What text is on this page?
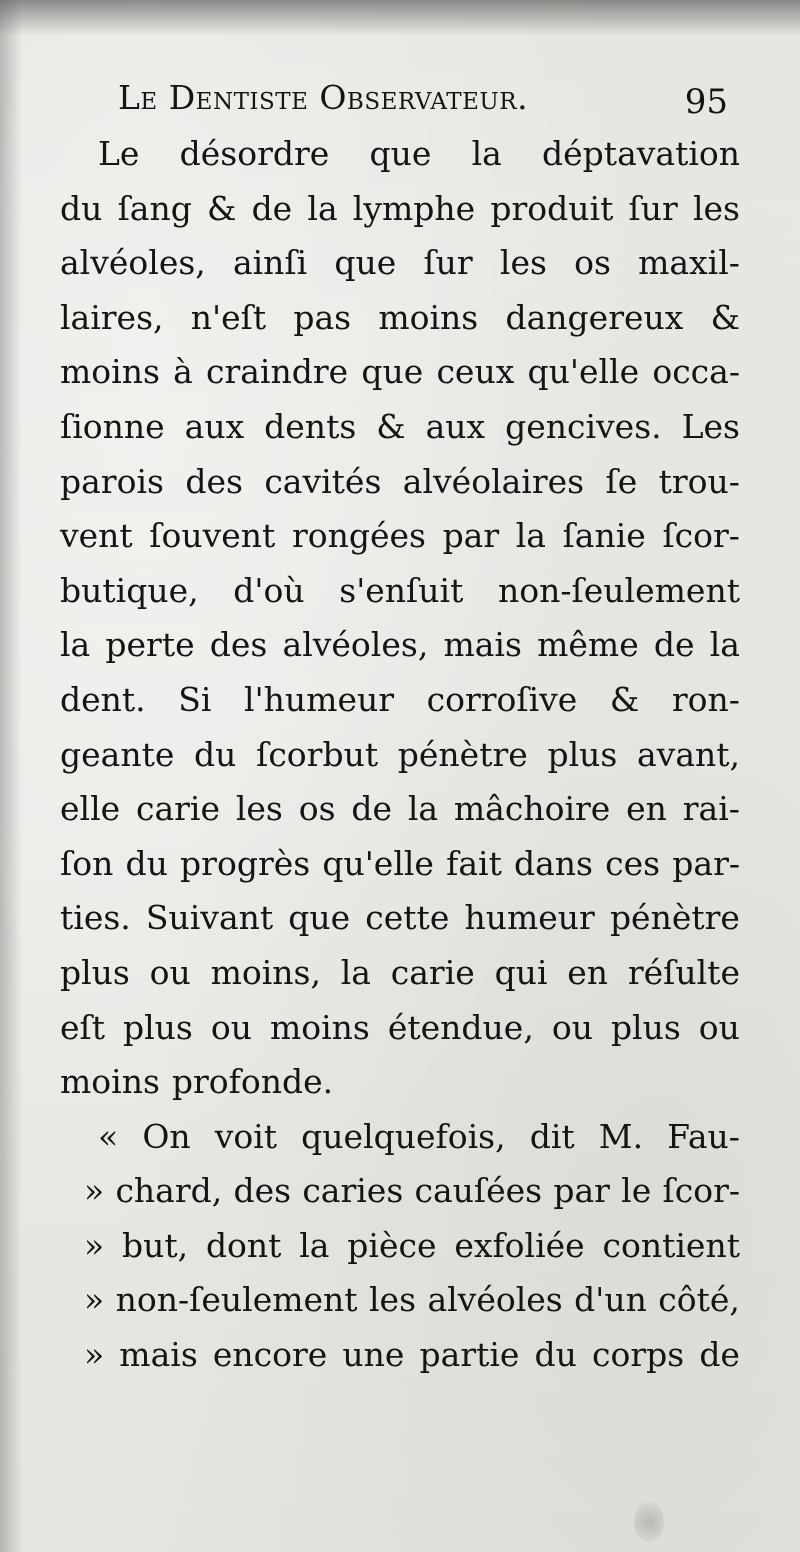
Le Dentiste Observateur.	95
Le désordre que la déptavation
du ſang & de la lymphe produit ſur les
alvéoles, ainſi que ſur les os maxil-
laires, n'eſt pas moins dangereux &
moins à craindre que ceux qu'elle occa-
ſionne aux dents & aux gencives. Les
parois des cavités alvéolaires ſe trou-
vent ſouvent rongées par la ſanie ſcor-
butique, d'où s'enſuit non-ſeulement
la perte des alvéoles, mais même de la
dent. Si l'humeur corroſive & ron-
geante du ſcorbut pénètre plus avant,
elle carie les os de la mâchoire en rai-
ſon du progrès qu'elle fait dans ces par-
ties. Suivant que cette humeur pénètre
plus ou moins, la carie qui en réſulte
eſt plus ou moins étendue, ou plus ou
moins profonde.
« On voit quelquefois, dit M. Fau-
» chard, des caries cauſées par le ſcor-
» but, dont la pièce exfoliée contient
» non-ſeulement les alvéoles d'un côté,
» mais encore une partie du corps de
